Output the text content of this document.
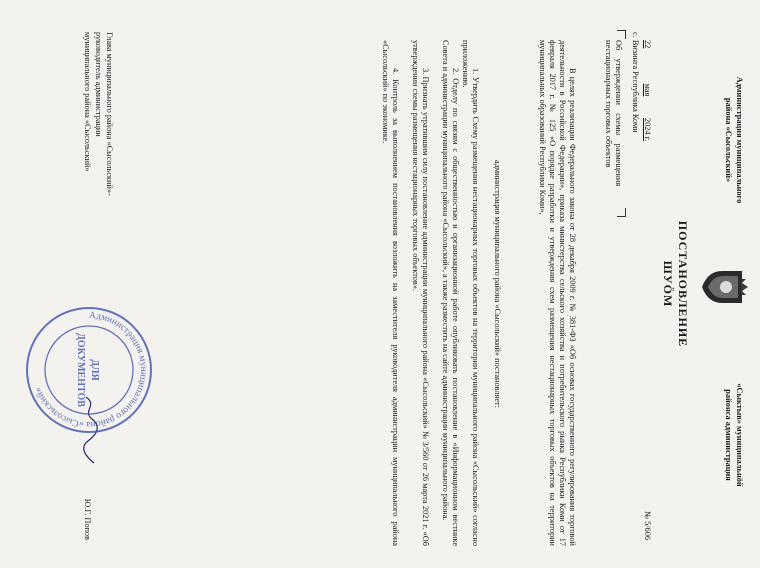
Администрация муниципального
района «Сысольский»
«Сыктыв» муниципальнöй
районса администрация
ПОСТАНОВЛЕНИЕ
ШУÖМ
22
мая
2024 г.
№ 5/606
с. Визинга Республика Коми
Об    утверждении    схемы    размещения
нестационарных торговых объектов
В целях реализации Федерального закона от 28 декабря 2009 г. № 381-ФЗ «Об основах государственного регулирования торговой деятельности в Российской Федерации», приказа министерства сельского хозяйства и потребительского рынка Республики Коми от 17 февраля 2017 г. № 125 «О порядке разработки и утверждения схем размещения нестационарных торговых объектов на территории муниципальных образований Республики Коми»,
администрация муниципального района «Сысольский» постановляет:
1. Утвердить Схему размещения нестационарных торговых объектов на территории муниципального района «Сысольский» согласно приложению.
2. Отделу по связям с общественностью и организационной работе опубликовать постановление в «Информационном вестнике Совета и администрации муниципального района «Сысольский», а также разместить на сайте администрации муниципального района.
3. Признать утратившим силу постановление администрации муниципального района «Сысольский» № 3/560 от 26 марта 2021 г. «Об утверждении схемы размещения нестационарных торговых объектов».
4. Контроль за выполнением постановления возложить на заместителя руководителя администрации муниципального района «Сысольский» по экономике.
Глава муниципального района «Сысольский»-
руководитель администрации
муниципального района «Сысольский»
Ю.Г. Попов
Администрация муниципального района «Сысольский»
ДЛЯ
ДОКУМЕНТОВ
